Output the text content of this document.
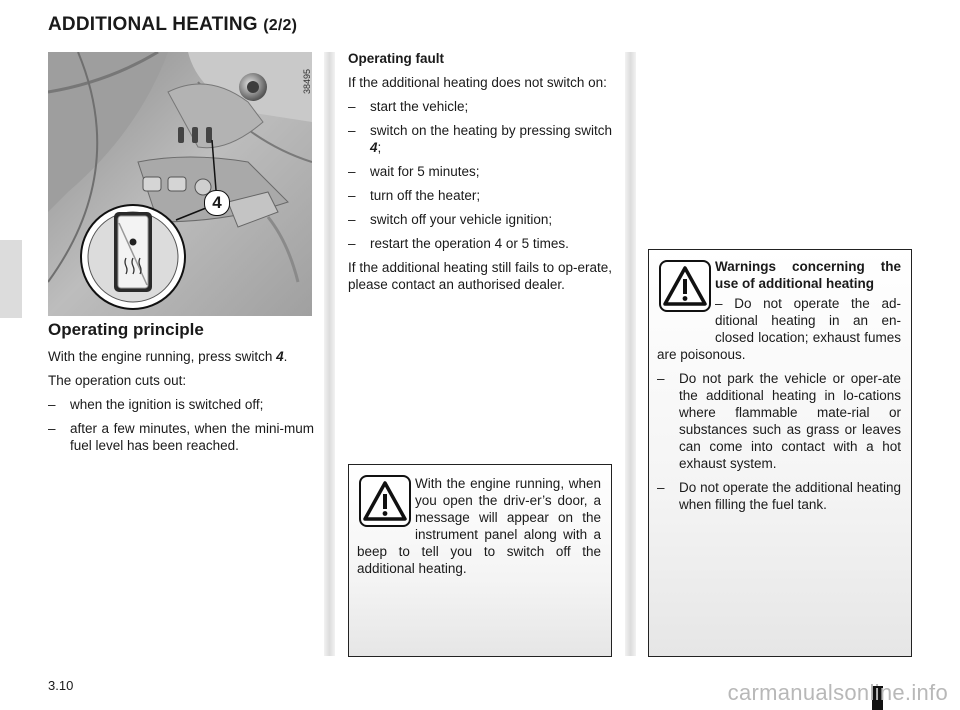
ADDITIONAL HEATING (2/2)
4
38495
Operating principle

With the engine running, press switch 4.

The operation cuts out:

–	when the ignition is switched off;
–	after a few minutes, when the mini-mum fuel level has been reached.

Operating fault

If the additional heating does not switch on:

–	start the vehicle;
–	switch on the heating by pressing switch 4;
–	wait for 5 minutes;
–	turn off the heater;
–	switch off your vehicle ignition;
–	restart the operation 4 or 5 times.

If the additional heating still fails to op-erate, please contact an authorised dealer.

With the engine running, when you open the driv-er’s door, a message will appear on the instrument panel along with a beep to tell you to switch off the additional heating.
Warnings concerning the use of additional heating
– Do not operate the ad-ditional heating in an en-closed location; exhaust fumes are poisonous.
–	Do not park the vehicle or oper-ate the additional heating in lo-cations where flammable mate-rial or substances such as grass or leaves can come into contact with a hot exhaust system.
–	Do not operate the additional heating when filling the fuel tank.
3.10	carmanualsonline.info
